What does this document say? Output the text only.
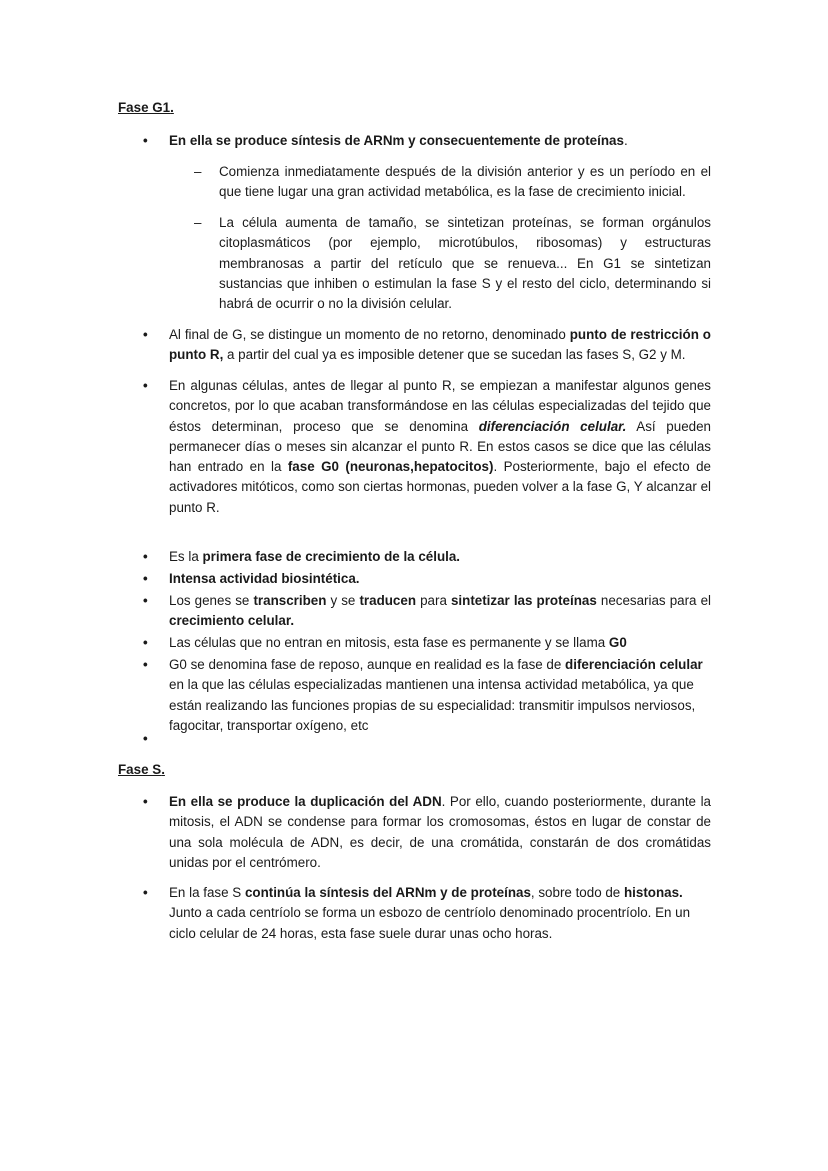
Fase G1.

•	En ella se produce síntesis de ARNm y consecuentemente de proteínas.

–	Comienza inmediatamente después de la división anterior y es un período en el que tiene lugar una gran actividad metabólica, es la fase de crecimiento inicial.

–	La célula aumenta de tamaño, se sintetizan proteínas, se forman orgánulos citoplasmáticos (por ejemplo, microtúbulos, ribosomas) y estructuras membranosas a partir del retículo que se renueva... En G1 se sintetizan sustancias que inhiben o estimulan la fase S y el resto del ciclo, determinando si habrá de ocurrir o no la división celular.

•	Al final de G, se distingue un momento de no retorno, denominado punto de restricción o punto R, a partir del cual ya es imposible detener que se sucedan las fases S, G2 y M.

•	En algunas células, antes de llegar al punto R, se empiezan a manifestar algunos genes concretos, por lo que acaban transformándose en las células especializadas del tejido que éstos determinan, proceso que se denomina diferenciación celular. Así pueden permanecer días o meses sin alcanzar el punto R. En estos casos se dice que las células han entrado en la fase G0 (neuronas,hepatocitos). Posteriormente, bajo el efecto de activadores mitóticos, como son ciertas hormonas, pueden volver a la fase G, Y alcanzar el punto R.

•	Es la primera fase de crecimiento de la célula.

•	Intensa actividad biosintética.

•	Los genes se transcriben y se traducen para sintetizar las proteínas necesarias para el crecimiento celular.

•	Las células que no entran en mitosis, esta fase es permanente y se llama G0

•	G0 se denomina fase de reposo, aunque en realidad es la fase de diferenciación celular en la que las células especializadas mantienen una intensa actividad metabólica, ya que están realizando las funciones propias de su especialidad: transmitir impulsos nerviosos, fagocitar, transportar oxígeno, etc

•

Fase S.

•	En ella se produce la duplicación del ADN. Por ello, cuando posteriormente, durante la mitosis, el ADN se condense para formar los cromosomas, éstos en lugar de constar de una sola molécula de ADN, es decir, de una cromátida, constarán de dos cromátidas unidas por el centrómero.

•	En la fase S continúa la síntesis del ARNm y de proteínas, sobre todo de histonas. Junto a cada centríolo se forma un esbozo de centríolo denominado procentríolo. En un ciclo celular de 24 horas, esta fase suele durar unas ocho horas.
